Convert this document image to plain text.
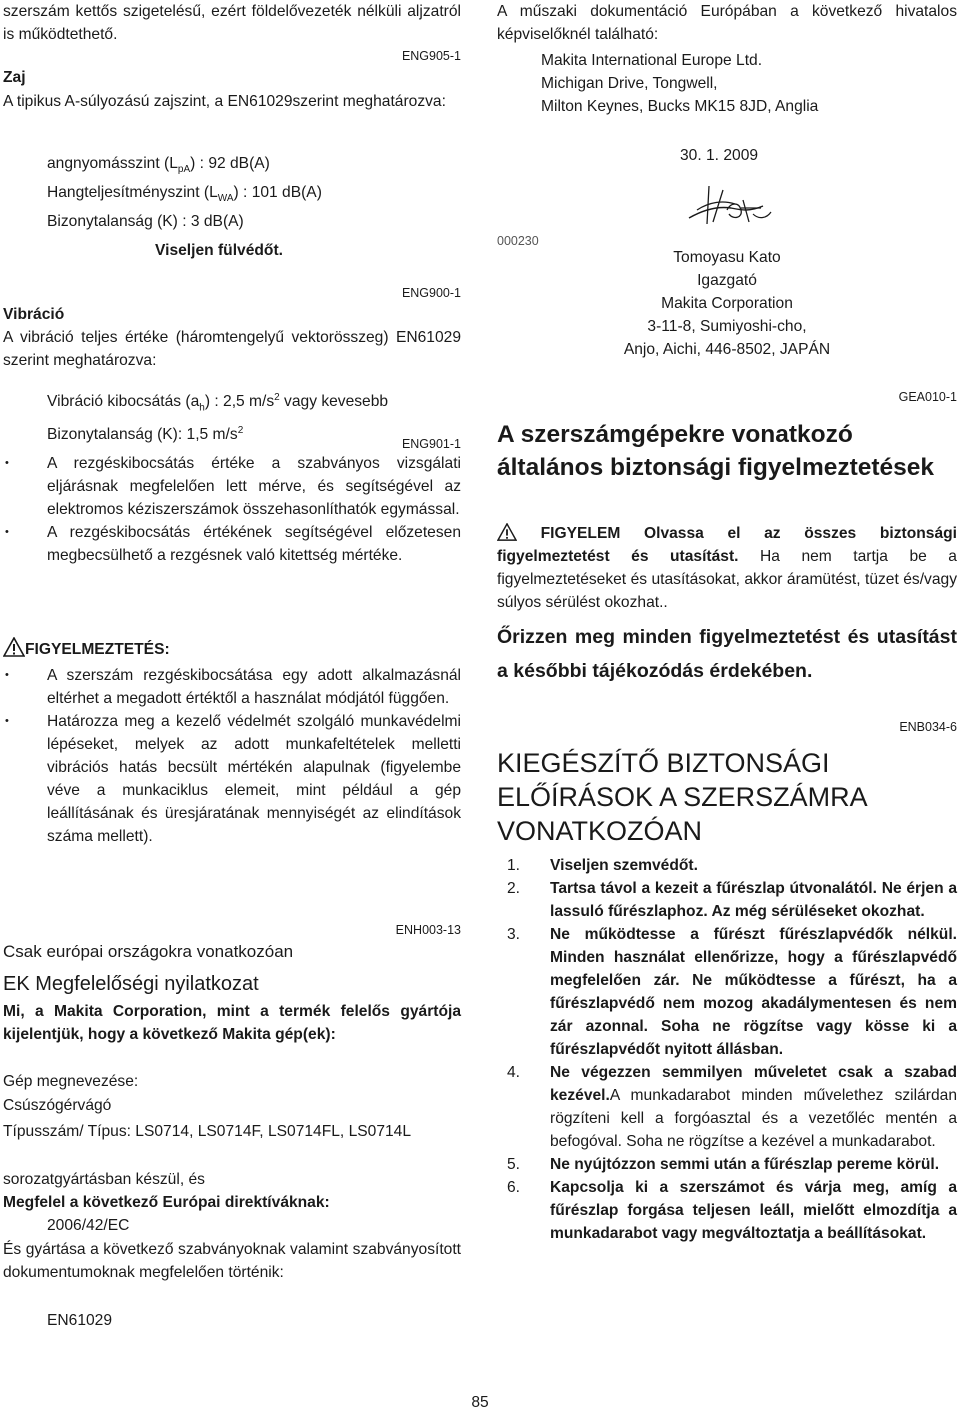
szerszám kettős szigetelésű, ezért földelővezeték nélküli aljzatról is működtethető.
ENG905-1
Zaj
A tipikus A-súlyozású zajszint, a EN61029szerint meghatározva:
angnyomásszint $(L_{pA})$ : 92 dB(A)
Hangteljesítményszint $(L_{WA})$ : 101 dB(A)
Bizonytalanság (K) : 3 dB(A)
Viseljen fülvédőt.
ENG900-1
Vibráció
A vibráció teljes értéke (háromtengelyű vektorösszeg) EN61029 szerint meghatározva:
Vibráció kibocsátás $(a_h)$ : 2,5 $m/s^2$ vagy kevesebb
Bizonytalanság (K): 1,5 $m/s^2$
ENG901-1
• A rezgéskibocsátás értéke a szabványos vizsgálati eljárásnak megfelelően lett mérve, és segítségével az elektromos kéziszerszámok összehasonlíthatók egymással.
• A rezgéskibocsátás értékének segítségével előzetesen megbecsülhető a rezgésnek való kitettség mértéke.
FIGYELMEZTETÉS:
• A szerszám rezgéskibocsátása egy adott alkalmazásnál eltérhet a megadott értéktől a használat módjától függően.
• Határozza meg a kezelő védelmét szolgáló munkavédelmi lépéseket, melyek az adott munkafeltételek melletti vibrációs hatás becsült mértékén alapulnak (figyelembe véve a munkaciklus elemeit, mint például a gép leállításának és üresjáratának mennyiségét az elindítások száma mellett).
ENH003-13
Csak európai országokra vonatkozóan
EK Megfelelőségi nyilatkozat
Mi, a Makita Corporation, mint a termék felelős gyártója kijelentjük, hogy a következő Makita gép(ek):
Gép megnevezése:
Csúszógérvágó
Típusszám/ Típus: LS0714, LS0714F, LS0714FL, LS0714L
sorozatgyártásban készül, és
Megfelel a következő Európai direktíváknak:
2006/42/EC
És gyártása a következő szabványoknak valamint szabványosított dokumentumoknak megfelelően történik:
EN61029
A műszaki dokumentáció Európában a következő hivatalos képviselőknél található:
Makita International Europe Ltd.
Michigan Drive, Tongwell,
Milton Keynes, Bucks MK15 8JD, Anglia
30. 1. 2009
000230
Tomoyasu Kato
Igazgató
Makita Corporation
3-11-8, Sumiyoshi-cho,
Anjo, Aichi, 446-8502, JAPÁN
GEA010-1
A szerszámgépekre vonatkozó általános biztonsági figyelmeztetések
FIGYELEM Olvassa el az összes biztonsági figyelmeztetést és utasítást. Ha nem tartja be a figyelmeztetéseket és utasításokat, akkor áramütést, tüzet és/vagy súlyos sérülést okozhat..
Őrizzen meg minden figyelmeztetést és utasítást a későbbi tájékozódás érdekében.
ENB034-6
KIEGÉSZÍTŐ BIZTONSÁGI ELŐÍRÁSOK A SZERSZÁMRA VONATKOZÓAN
1. Viseljen szemvédőt.
2. Tartsa távol a kezeit a fűrészlap útvonalától. Ne érjen a lassuló fűrészlaphoz. Az még sérüléseket okozhat.
3. Ne működtesse a fűrészt fűrészlapvédők nélkül. Minden használat ellenőrizze, hogy a fűrészlapvédő megfelelően zár. Ne működtesse a fűrészt, ha a fűrészlapvédő nem mozog akadálymentesen és nem zár azonnal. Soha ne rögzítse vagy kösse ki a fűrészlapvédőt nyitott állásban.
4. Ne végezzen semmilyen műveletet csak a szabad kezével.A munkadarabot minden művelethez szilárdan rögzíteni kell a forgóasztal és a vezetőléc mentén a befogóval. Soha ne rögzítse a kezével a munkadarabot.
5. Ne nyújtózzon semmi után a fűrészlap pereme körül.
6. Kapcsolja ki a szerszámot és várja meg, amíg a fűrészlap forgása teljesen leáll, mielőtt elmozdítja a munkadarabot vagy megváltoztatja a beállításokat.
85
